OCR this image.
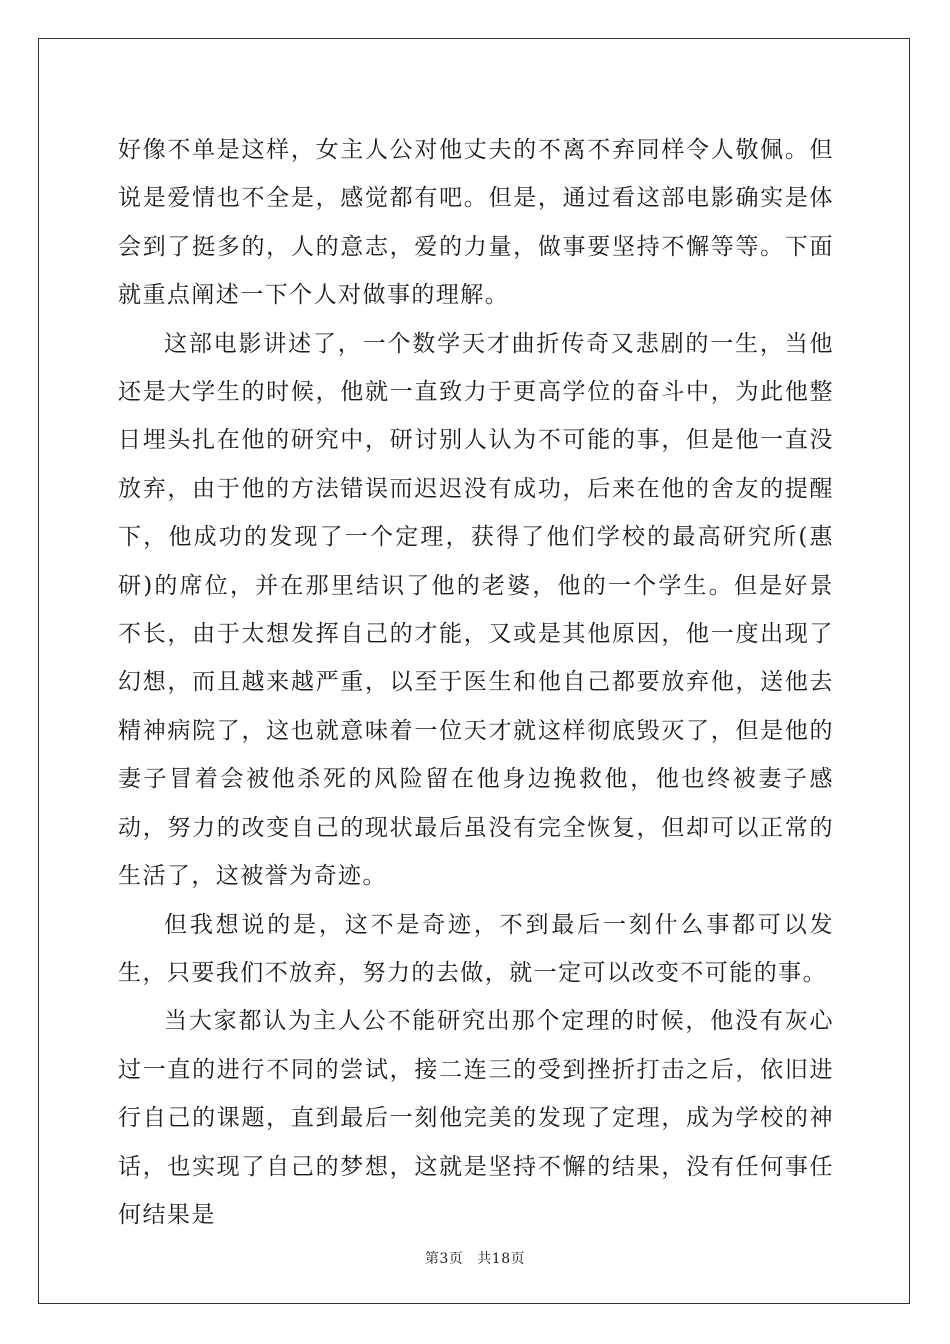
好像不单是这样，女主人公对他丈夫的不离不弃同样令人敬佩。但说是爱情也不全是，感觉都有吧。但是，通过看这部电影确实是体会到了挺多的，人的意志，爱的力量，做事要坚持不懈等等。下面就重点阐述一下个人对做事的理解。

这部电影讲述了，一个数学天才曲折传奇又悲剧的一生，当他还是大学生的时候，他就一直致力于更高学位的奋斗中，为此他整日埋头扎在他的研究中，研讨别人认为不可能的事，但是他一直没放弃，由于他的方法错误而迟迟没有成功，后来在他的舍友的提醒下，他成功的发现了一个定理，获得了他们学校的最高研究所(惠研)的席位，并在那里结识了他的老婆，他的一个学生。但是好景不长，由于太想发挥自己的才能，又或是其他原因，他一度出现了幻想，而且越来越严重，以至于医生和他自己都要放弃他，送他去精神病院了，这也就意味着一位天才就这样彻底毁灭了，但是他的妻子冒着会被他杀死的风险留在他身边挽救他，他也终被妻子感动，努力的改变自己的现状最后虽没有完全恢复，但却可以正常的生活了，这被誉为奇迹。

但我想说的是，这不是奇迹，不到最后一刻什么事都可以发生，只要我们不放弃，努力的去做，就一定可以改变不可能的事。

当大家都认为主人公不能研究出那个定理的时候，他没有灰心过一直的进行不同的尝试，接二连三的受到挫折打击之后，依旧进行自己的课题，直到最后一刻他完美的发现了定理，成为学校的神话，也实现了自己的梦想，这就是坚持不懈的结果，没有任何事任何结果是

第3页 共18页
